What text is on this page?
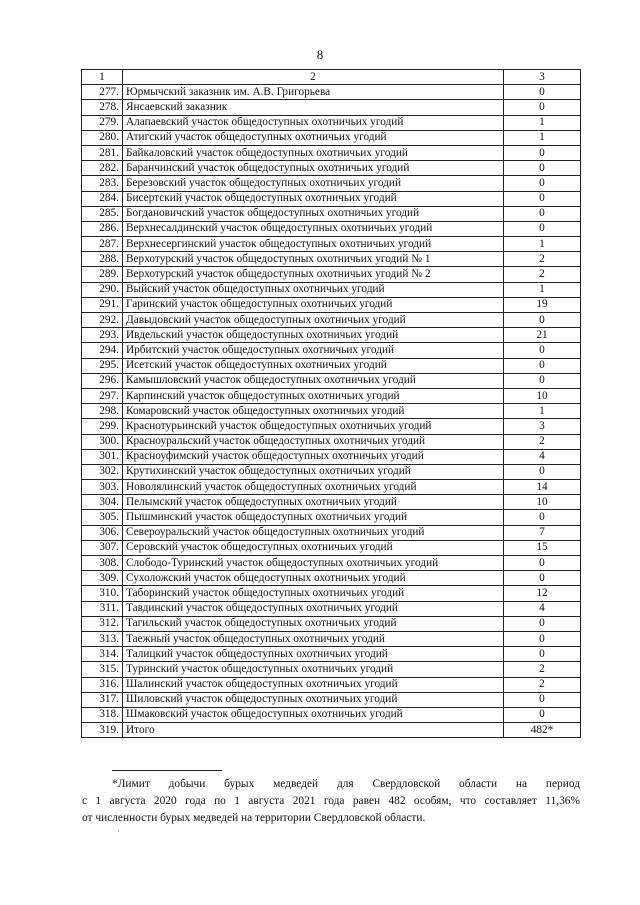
8
1	2	3
277.	Юрмычский заказник им. А.В. Григорьева	0
278.	Янсаевский заказник	0
279.	Алапаевский участок общедоступных охотничьих угодий	1
280.	Атигский участок общедоступных охотничьих угодий	1
281.	Байкаловский участок общедоступных охотничьих угодий	0
282.	Баранчинский участок общедоступных охотничьих угодий	0
283.	Березовский участок общедоступных охотничьих угодий	0
284.	Бисертский участок общедоступных охотничьих угодий	0
285.	Богдановичский участок общедоступных охотничьих угодий	0
286.	Верхнесалдинский участок общедоступных охотничьих угодий	0
287.	Верхнесергинский участок общедоступных охотничьих угодий	1
288.	Верхотурский участок общедоступных охотничьих угодий № 1	2
289.	Верхотурский участок общедоступных охотничьих угодий № 2	2
290.	Выйский участок общедоступных охотничьих угодий	1
291.	Гаринский участок общедоступных охотничьих угодий	19
292.	Давыдовский участок общедоступных охотничьих угодий	0
293.	Ивдельский участок общедоступных охотничьих угодий	21
294.	Ирбитский участок общедоступных охотничьих угодий	0
295.	Исетский участок общедоступных охотничьих угодий	0
296.	Камышловский участок общедоступных охотничьих угодий	0
297.	Карпинский участок общедоступных охотничьих угодий	10
298.	Комаровский участок общедоступных охотничьих угодий	1
299.	Краснотурьинский участок общедоступных охотничьих угодий	3
300.	Красноуральский участок общедоступных охотничьих угодий	2
301.	Красноуфимский участок общедоступных охотничьих угодий	4
302.	Крутихинский участок общедоступных охотничьих угодий	0
303.	Новолялинский участок общедоступных охотничьих угодий	14
304.	Пелымский участок общедоступных охотничьих угодий	10
305.	Пышминский участок общедоступных охотничьих угодий	0
306.	Североуральский участок общедоступных охотничьих угодий	7
307.	Серовский участок общедоступных охотничьих угодий	15
308.	Слободо-Туринский участок общедоступных охотничьих угодий	0
309.	Сухоложский участок общедоступных охотничьих угодий	0
310.	Таборинский участок общедоступных охотничьих угодий	12
311.	Тавдинский участок общедоступных охотничьих угодий	4
312.	Тагильский участок общедоступных охотничьих угодий	0
313.	Таежный участок общедоступных охотничьих угодий	0
314.	Талицкий участок общедоступных охотничьих угодий	0
315.	Туринский участок общедоступных охотничьих угодий	2
316.	Шалинский участок общедоступных охотничьих угодий	2
317.	Шиловский участок общедоступных охотничьих угодий	0
318.	Шмаковский участок общедоступных охотничьих угодий	0
319.	Итого	482*
*Лимит добычи бурых медведей для Свердловской области на период
с 1 августа 2020 года по 1 августа 2021 года равен 482 особям, что составляет 11,36%
от численности бурых медведей на территории Свердловской области.
·
